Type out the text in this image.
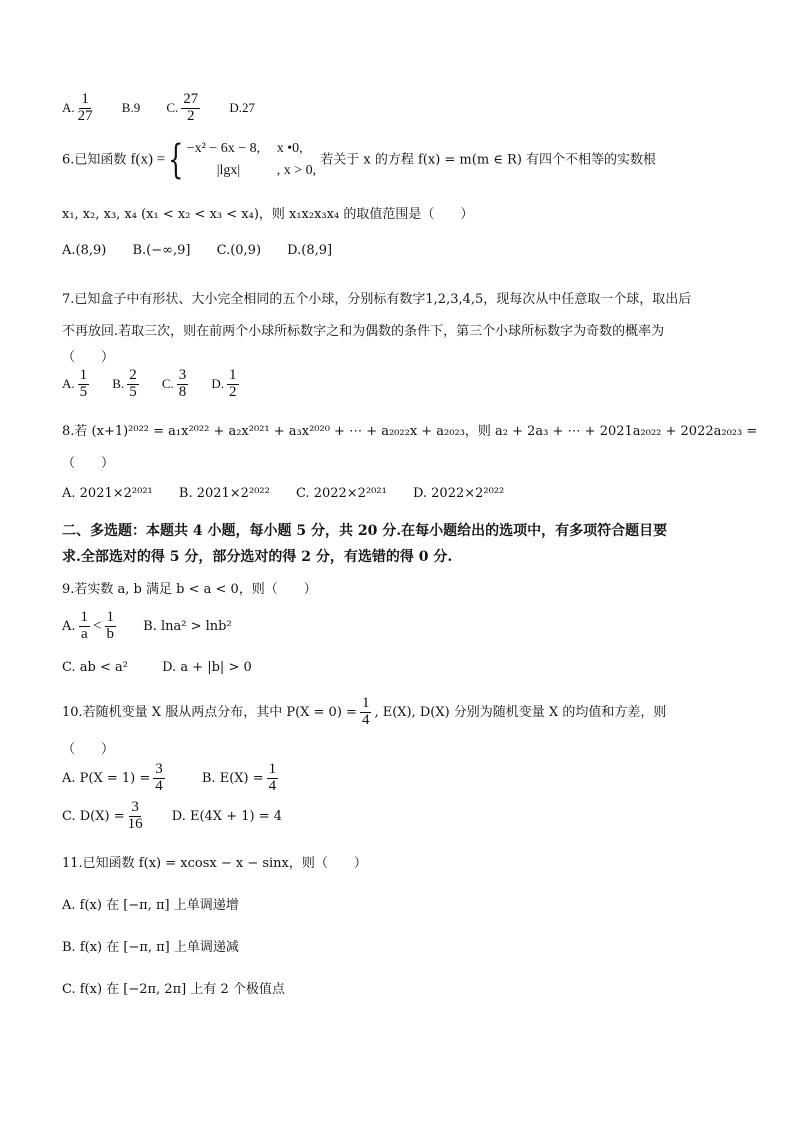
A. $\frac{1}{27} B.9$ C. $\frac{27}{2} D.27$
6.已知函数 f(x) ={ −x² − 6x − 8, x •0,
|lgx|	, x > 0,
若关于 x 的方程 f(x) = m(m ∈ R) 有四个不相等的实数根
x₁, x₂, x₃, x₄ (x₁ < x₂ < x₃ < x₄)，则 x₁x₂x₃x₄ 的取值范围是（　　）
A.(8,9) B.(−∞,9] C.(0,9) D.(8,9]
7.已知盒子中有形状、大小完全相同的五个小球，分别标有数字1,2,3,4,5，现每次从中任意取一个球，取出后
不再放回.若取三次，则在前两个小球所标数字之和为偶数的条件下，第三个小球所标数字为奇数的概率为
（　　）
A. $\frac{1}{5} B$. $\frac{2}{5} C$. $\frac{3}{8} D$. $\frac{1}{2}$
8.若 (x+1)²⁰²² = a₁x²⁰²² + a₂x²⁰²¹ + a₃x²⁰²⁰ + ⋯ + a₂₀₂₂x + a₂₀₂₃，则 a₂ + 2a₃ + ⋯ + 2021a₂₀₂₂ + 2022a₂₀₂₃ =
（　　）
A. 2021×2²⁰²¹ B. 2021×2²⁰²² C. 2022×2²⁰²¹ D. 2022×2²⁰²²
二、多选题：本题共 4 小题，每小题 5 分，共 20 分.在每小题给出的选项中，有多项符合题目要
求.全部选对的得 5 分，部分选对的得 2 分，有选错的得 0 分.
9.若实数 a, b 满足 b < a < 0，则（　　）
A. $\frac{1}{a} < \frac{1}{b} B$. lna² > lnb²
C. ab < a²	D. a + |b| > 0
10.若随机变量 X 服从两点分布，其中 $P(X = 0) = \frac{1}{4}$ , E(X), D(X) 分别为随机变量 X 的均值和方差，则
（　　）
A. $P(X = 1) = \frac{3}{4}$	B. $E(X) = \frac{1}{4}$
C. $D(X) = \frac{3}{16} D$. E(4X + 1) = 4
11.已知函数 f(x) = xcosx − x − sinx，则（　　）
A. f(x) 在 [−π, π] 上单调递增
B. f(x) 在 [−π, π] 上单调递减
C. f(x) 在 [−2π, 2π] 上有 2 个极值点
